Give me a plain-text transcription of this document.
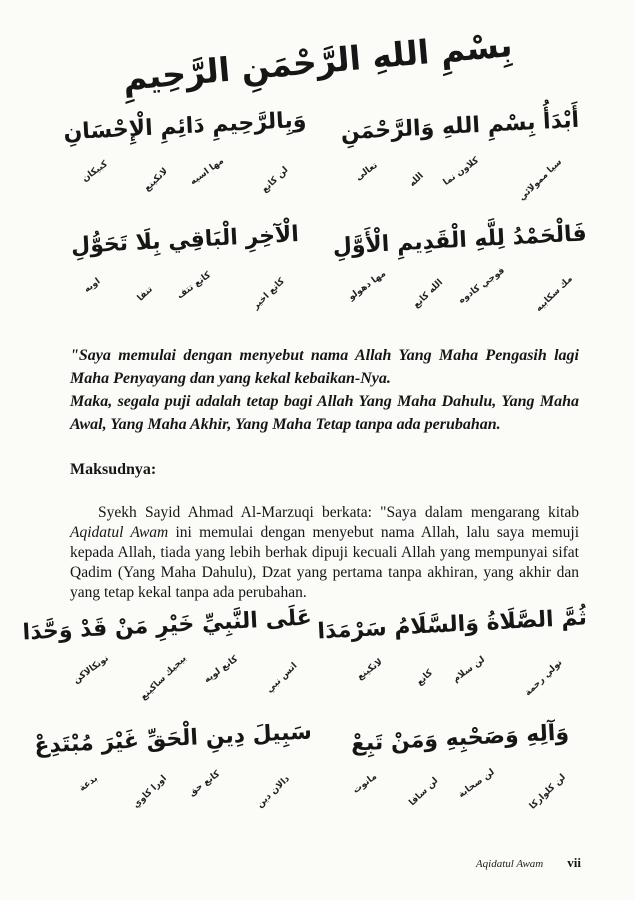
بِسْمِ اللهِ الرَّحْمَنِ الرَّحِيمِ
أَبْدَأُ بِسْمِ اللهِ وَالرَّحْمَنِ
سيا ممولائي
كلاون نما
الله
تعالى
وَبِالرَّحِيمِ دَائِمِ الْإِحْسَانِ
لن كانع
مها اسيه
لانكينع
كبيكان
فَالْحَمْدُ لِلَّهِ الْقَدِيمِ الْأَوَّلِ
مك سكابيه
فوجي كادوه
الله كانع
مها دهولو
الْآخِرِ الْبَاقِي بِلَا تَحَوُّلِ
كانع اخير
كانع تتف
تنفا
اوبه

"Saya memulai dengan menyebut nama Allah Yang Maha Pengasih lagi Maha Penyayang dan yang kekal kebaikan-Nya.

Maka, segala puji adalah tetap bagi Allah Yang Maha Dahulu, Yang Maha Awal, Yang Maha Akhir, Yang Maha Tetap tanpa ada perubahan.

Maksudnya:

Syekh Sayid Ahmad Al-Marzuqi berkata: "Saya dalam mengarang kitab Aqidatul Awam ini memulai dengan menyebut nama Allah, lalu saya memuji kepada Allah, tiada yang lebih berhak dipuji kecuali Allah yang mempunyai sifat Qadim (Yang Maha Dahulu), Dzat yang pertama tanpa akhiran, yang akhir dan yang tetap kekal tanpa ada perubahan.

ثُمَّ الصَّلَاةُ وَالسَّلَامُ سَرْمَدَا
نولي رحمة
لن سلام
كانع
لانكينع
عَلَى النَّبِيِّ خَيْرِ مَنْ قَدْ وَحَّدَا
اتس نبي
كانع لويه
بيجيك ساكينع
نونكالاكن
وَآلِهِ وَصَحْبِهِ وَمَنْ تَبِعْ
لن كلواركا
لن صحابة
لن سافا
مانوت
سَبِيلَ دِينِ الْحَقِّ غَيْرَ مُبْتَدِعْ
دالان دين
كانع حق
اورا كاوي
بدعة
Aqidatul Awam vii
